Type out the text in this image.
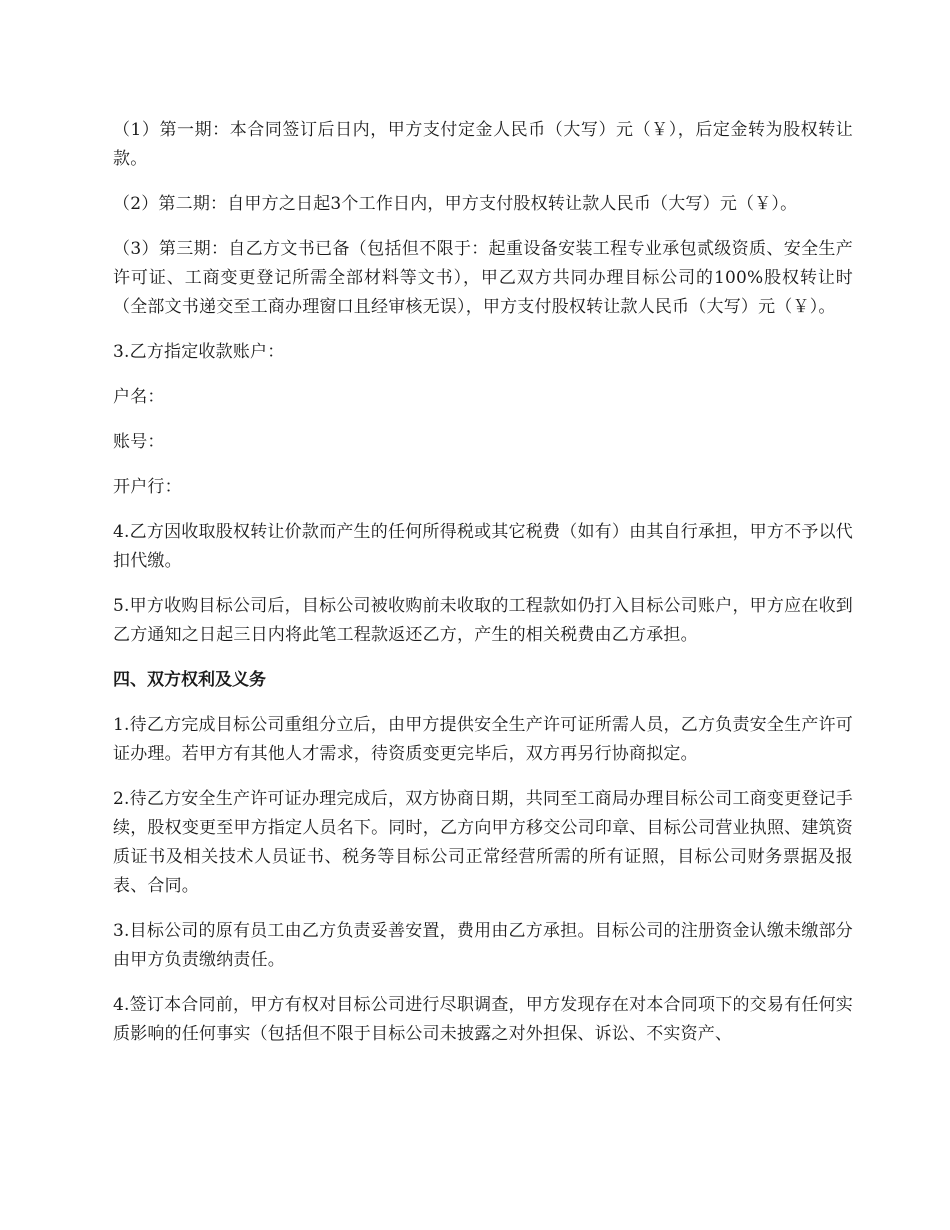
（1）第一期：本合同签订后日内，甲方支付定金人民币（大写）元（￥），后定金转为股权转让款。

（2）第二期：自甲方之日起3个工作日内，甲方支付股权转让款人民币（大写）元（￥）。

（3）第三期：自乙方文书已备（包括但不限于：起重设备安装工程专业承包贰级资质、安全生产许可证、工商变更登记所需全部材料等文书），甲乙双方共同办理目标公司的100%股权转让时（全部文书递交至工商办理窗口且经审核无误），甲方支付股权转让款人民币（大写）元（￥）。

3.乙方指定收款账户：

户名：

账号：

开户行：

4.乙方因收取股权转让价款而产生的任何所得税或其它税费（如有）由其自行承担，甲方不予以代扣代缴。

5.甲方收购目标公司后，目标公司被收购前未收取的工程款如仍打入目标公司账户，甲方应在收到乙方通知之日起三日内将此笔工程款返还乙方，产生的相关税费由乙方承担。

四、双方权利及义务

1.待乙方完成目标公司重组分立后，由甲方提供安全生产许可证所需人员，乙方负责安全生产许可证办理。若甲方有其他人才需求，待资质变更完毕后，双方再另行协商拟定。

2.待乙方安全生产许可证办理完成后，双方协商日期，共同至工商局办理目标公司工商变更登记手续，股权变更至甲方指定人员名下。同时，乙方向甲方移交公司印章、目标公司营业执照、建筑资质证书及相关技术人员证书、税务等目标公司正常经营所需的所有证照，目标公司财务票据及报表、合同。

3.目标公司的原有员工由乙方负责妥善安置，费用由乙方承担。目标公司的注册资金认缴未缴部分由甲方负责缴纳责任。

4.签订本合同前，甲方有权对目标公司进行尽职调查，甲方发现存在对本合同项下的交易有任何实质影响的任何事实（包括但不限于目标公司未披露之对外担保、诉讼、不实资产、
